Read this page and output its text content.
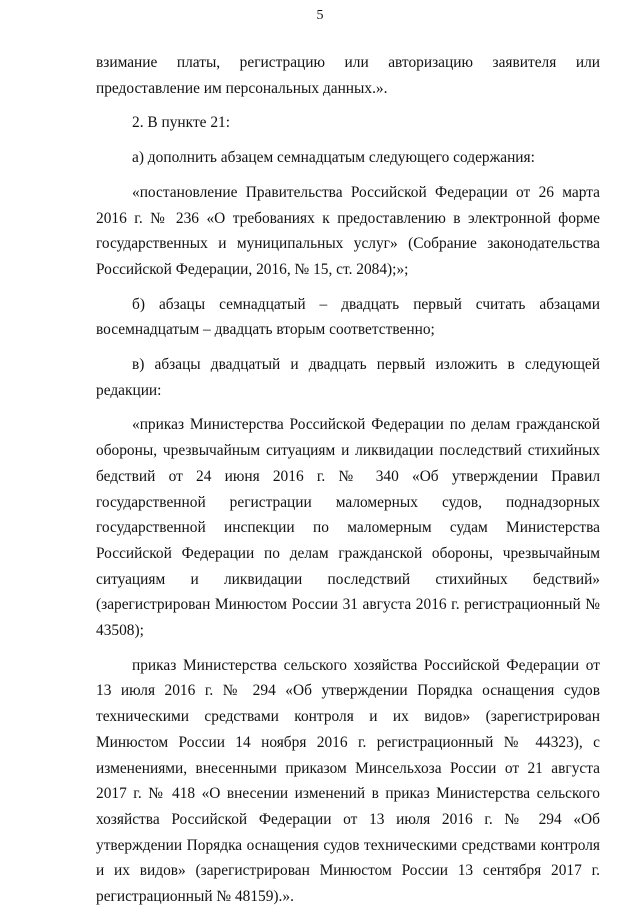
5

взимание платы, регистрацию или авторизацию заявителя или предоставление им персональных данных.».

2. В пункте 21:

а) дополнить абзацем семнадцатым следующего содержания:

«постановление Правительства Российской Федерации от 26 марта 2016 г. № 236 «О требованиях к предоставлению в электронной форме государственных и муниципальных услуг» (Собрание законодательства Российской Федерации, 2016, № 15, ст. 2084);»;

б) абзацы семнадцатый – двадцать первый считать абзацами восемнадцатым – двадцать вторым соответственно;

в) абзацы двадцатый и двадцать первый изложить в следующей редакции:

«приказ Министерства Российской Федерации по делам гражданской обороны, чрезвычайным ситуациям и ликвидации последствий стихийных бедствий от 24 июня 2016 г. № 340 «Об утверждении Правил государственной регистрации маломерных судов, поднадзорных государственной инспекции по маломерным судам Министерства Российской Федерации по делам гражданской обороны, чрезвычайным ситуациям и ликвидации последствий стихийных бедствий» (зарегистрирован Минюстом России 31 августа 2016 г. регистрационный № 43508);

приказ Министерства сельского хозяйства Российской Федерации от 13 июля 2016 г. № 294 «Об утверждении Порядка оснащения судов техническими средствами контроля и их видов» (зарегистрирован Минюстом России 14 ноября 2016 г. регистрационный № 44323), с изменениями, внесенными приказом Минсельхоза России от 21 августа 2017 г. № 418 «О внесении изменений в приказ Министерства сельского хозяйства Российской Федерации от 13 июля 2016 г. № 294 «Об утверждении Порядка оснащения судов техническими средствами контроля и их видов» (зарегистрирован Минюстом России 13 сентября 2017 г. регистрационный № 48159).».
